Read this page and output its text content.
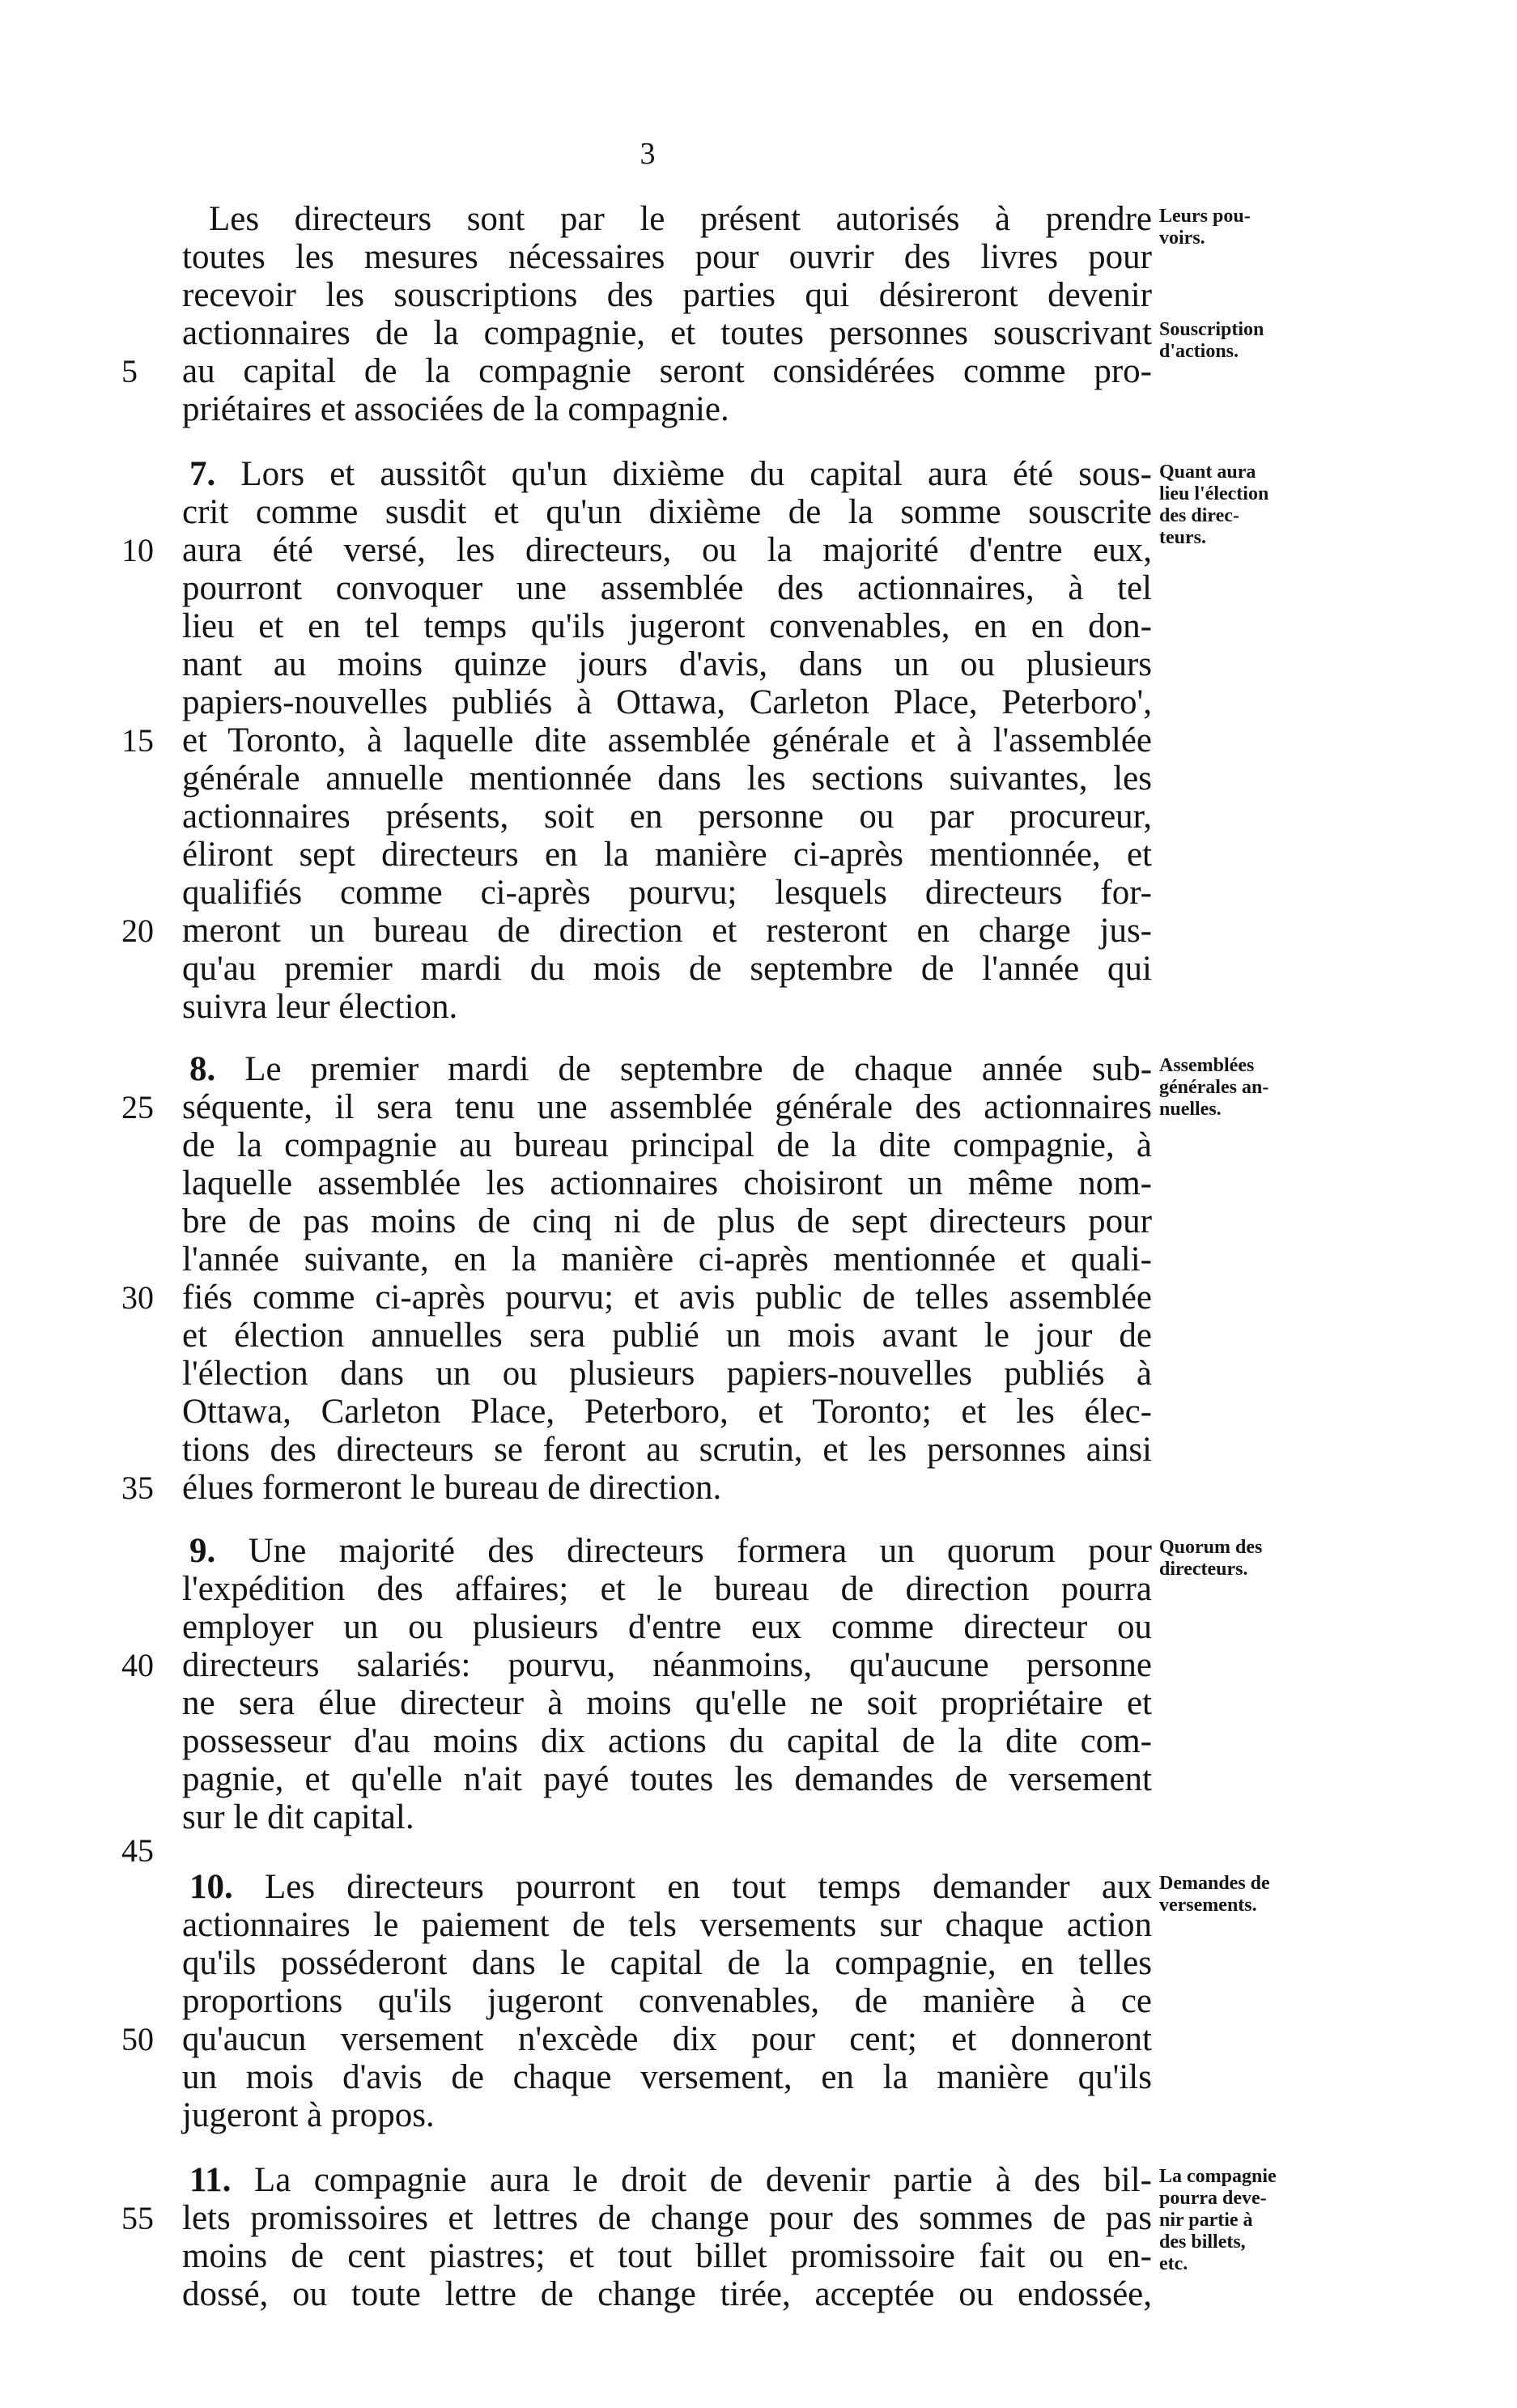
3
Les directeurs sont par le présent autorisés à prendre
toutes les mesures nécessaires pour ouvrir des livres pour
recevoir les souscriptions des parties qui désireront devenir
actionnaires de la compagnie, et toutes personnes souscrivant
au capital de la compagnie seront considérées comme pro-
priétaires et associées de la compagnie.
7. Lors et aussitôt qu'un dixième du capital aura été sous-
crit comme susdit et qu'un dixième de la somme souscrite
aura été versé, les directeurs, ou la majorité d'entre eux,
pourront convoquer une assemblée des actionnaires, à tel
lieu et en tel temps qu'ils jugeront convenables, en en don-
nant au moins quinze jours d'avis, dans un ou plusieurs
papiers-nouvelles publiés à Ottawa, Carleton Place, Peterboro',
et Toronto, à laquelle dite assemblée générale et à l'assemblée
générale annuelle mentionnée dans les sections suivantes, les
actionnaires présents, soit en personne ou par procureur,
éliront sept directeurs en la manière ci-après mentionnée, et
qualifiés comme ci-après pourvu; lesquels directeurs for-
meront un bureau de direction et resteront en charge jus-
qu'au premier mardi du mois de septembre de l'année qui
suivra leur élection.
8. Le premier mardi de septembre de chaque année sub-
séquente, il sera tenu une assemblée générale des actionnaires
de la compagnie au bureau principal de la dite compagnie, à
laquelle assemblée les actionnaires choisiront un même nom-
bre de pas moins de cinq ni de plus de sept directeurs pour
l'année suivante, en la manière ci-après mentionnée et quali-
fiés comme ci-après pourvu; et avis public de telles assemblée
et élection annuelles sera publié un mois avant le jour de
l'élection dans un ou plusieurs papiers-nouvelles publiés à
Ottawa, Carleton Place, Peterboro, et Toronto; et les élec-
tions des directeurs se feront au scrutin, et les personnes ainsi
élues formeront le bureau de direction.
9. Une majorité des directeurs formera un quorum pour
l'expédition des affaires; et le bureau de direction pourra
employer un ou plusieurs d'entre eux comme directeur ou
directeurs salariés: pourvu, néanmoins, qu'aucune personne
ne sera élue directeur à moins qu'elle ne soit propriétaire et
possesseur d'au moins dix actions du capital de la dite com-
pagnie, et qu'elle n'ait payé toutes les demandes de versement
sur le dit capital.
10. Les directeurs pourront en tout temps demander aux
actionnaires le paiement de tels versements sur chaque action
qu'ils posséderont dans le capital de la compagnie, en telles
proportions qu'ils jugeront convenables, de manière à ce
qu'aucun versement n'excède dix pour cent; et donneront
un mois d'avis de chaque versement, en la manière qu'ils
jugeront à propos.
11. La compagnie aura le droit de devenir partie à des bil-
lets promissoires et lettres de change pour des sommes de pas
moins de cent piastres; et tout billet promissoire fait ou en-
dossé, ou toute lettre de change tirée, acceptée ou endossée,
5
10
15
20
25
30
35
40
45
50
55
Leurs pou-
voirs.
Souscription
d'actions.
Quant aura
lieu l'élection
des direc-
teurs.
Assemblées
générales an-
nuelles.
Quorum des
directeurs.
Demandes de
versements.
La compagnie
pourra deve-
nir partie à
des billets,
etc.
